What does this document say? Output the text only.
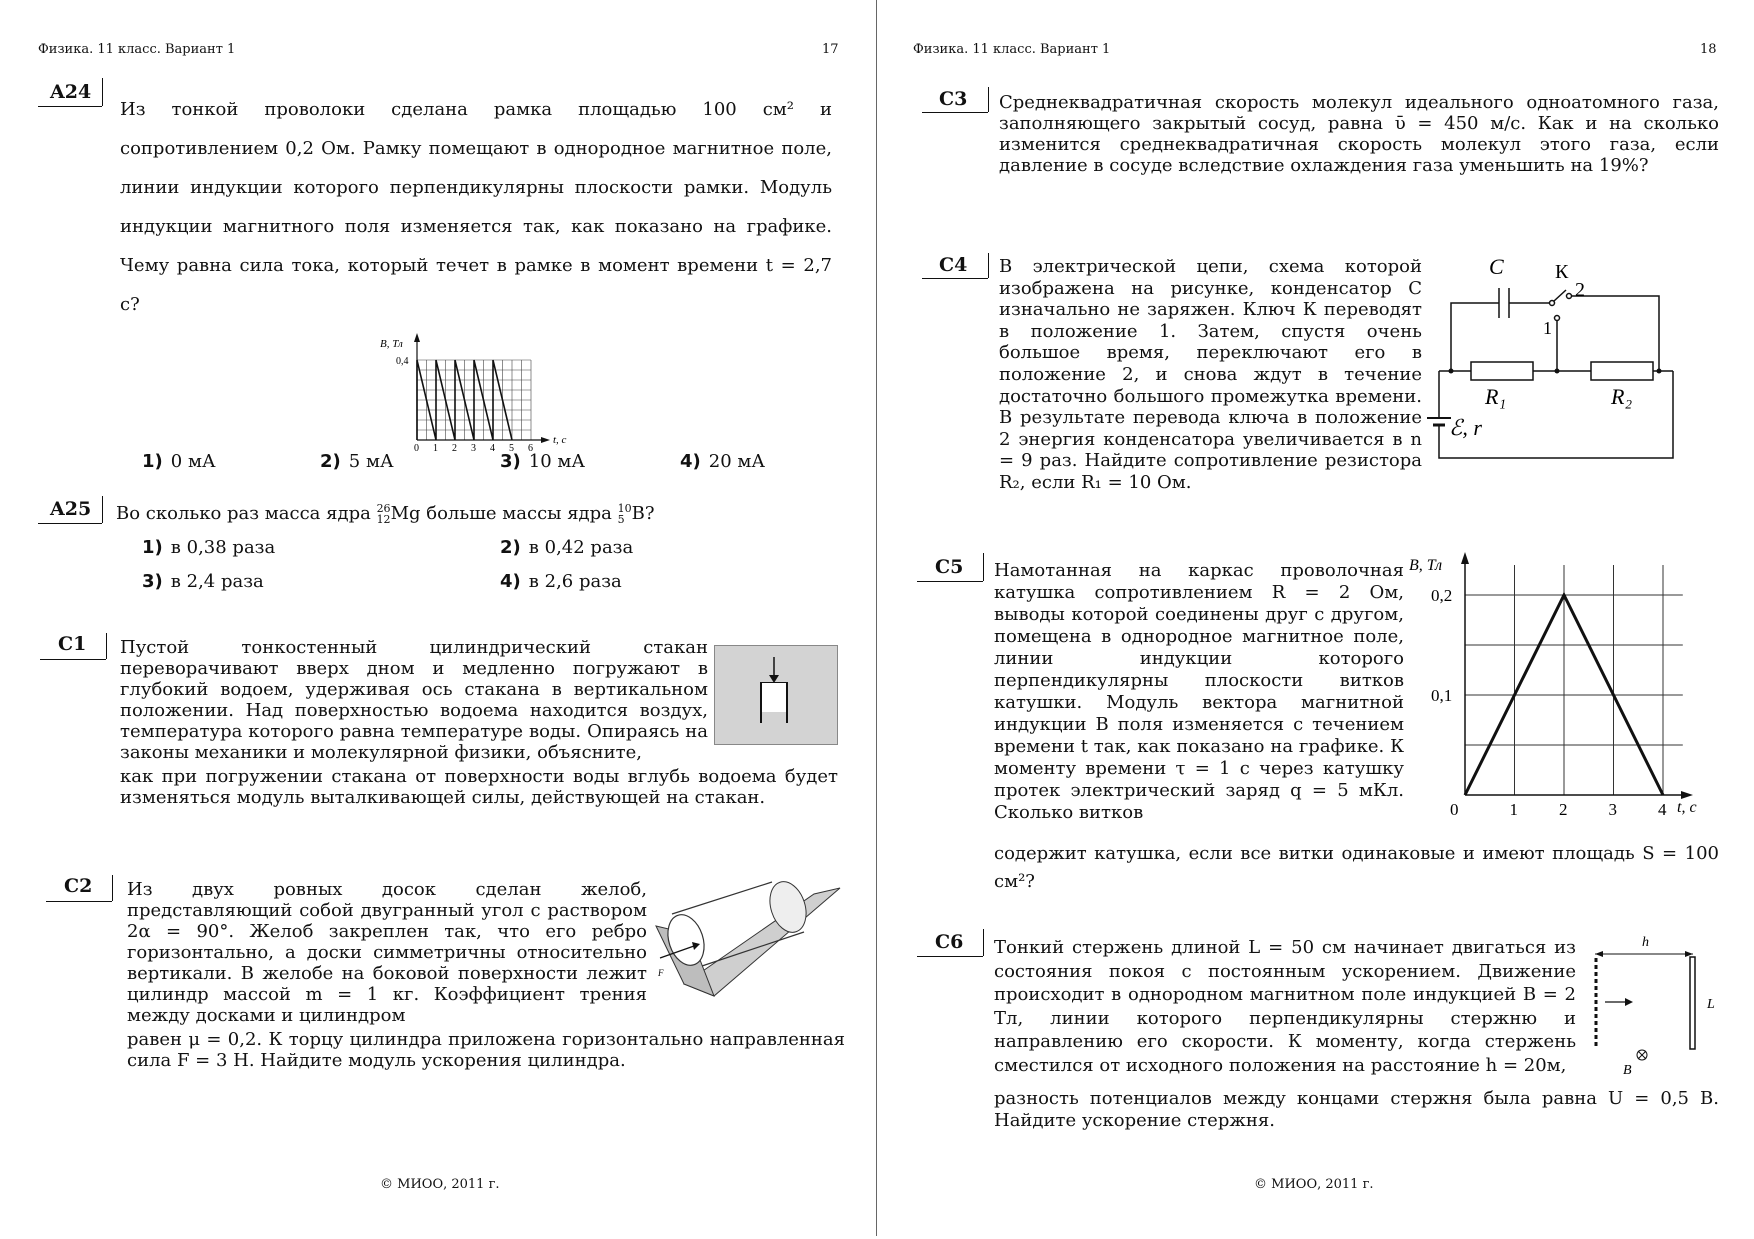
Физика. 11 класс. Вариант 1	17
A24
Из тонкой проволоки сделана рамка площадью 100 см² и сопротивлением 0,2 Ом. Рамку помещают в однородное магнитное поле, линии индукции которого перпендикулярны плоскости рамки. Модуль индукции магнитного поля изменяется так, как показано на графике. Чему равна сила тока, который течет в рамке в момент времени t = 2,7 с?
B, Тл
t, с
0 1 2 3 4 5 6
0,4
1) 0 мА	2) 5 мА	3) 10 мА	4) 20 мА
A25 Во сколько раз масса ядра 26
12Mg больше массы ядра 10
5 B?
1) в 0,38 раза	2) в 0,42 раза
3) в 2,4 раза	4) в 2,6 раза
C1 Пустой тонкостенный цилиндрический стакан переворачивают вверх дном и медленно погружают в глубокий водоем, удерживая ось стакана в вертикальном положении. Над поверхностью водоема находится воздух, температура которого равна температуре воды. Опираясь на законы механики и молекулярной физики, объясните,
как при погружении стакана от поверхности воды вглубь водоема будет изменяться модуль выталкивающей силы, действующей на стакан.
C2 Из двух ровных досок сделан желоб, представляющий собой двугранный угол с раствором 2α = 90°. Желоб закреплен так, что его ребро горизонтально, а доски симметричны относительно вертикали. В желобе на боковой поверхности лежит цилиндр массой m = 1 кг. Коэффициент трения между досками и цилиндром
равен μ = 0,2. К торцу цилиндра приложена горизонтально направленная сила F = 3 Н. Найдите модуль ускорения цилиндра.
F
© МИОО, 2011 г.
Физика. 11 класс. Вариант 1	18
C3 Среднеквадратичная скорость молекул идеального одноатомного газа, заполняющего закрытый сосуд, равна ῡ = 450 м/с. Как и на сколько изменится среднеквадратичная скорость молекул этого газа, если давление в сосуде вследствие охлаждения газа уменьшить на 19%?
C4 В электрической цепи, схема которой изображена на рисунке, конденсатор С изначально не заряжен. Ключ К переводят в положение 1. Затем, спустя очень большое время, переключают его в положение 2, и снова ждут в течение достаточно большого промежутка времени. В результате перевода ключа в положение 2 энергия конденсатора увеличивается в n = 9 раз. Найдите сопротивление резистора R₂, если R₁ = 10 Ом.
C	К
2
1
R₁	R₂
ℰ, r
C5 Намотанная на каркас проволочная катушка сопротивлением R = 2 Ом, выводы которой соединены друг с другом, помещена в однородное магнитное поле, линии индукции которого перпендикулярны плоскости витков катушки. Модуль вектора магнитной индукции B поля изменяется с течением времени t так, как показано на графике. К моменту времени τ = 1 с через катушку протек электрический заряд q = 5 мКл. Сколько витков
содержит катушка, если все витки одинаковые и имеют площадь S = 100 см²?
B, Тл
t, с
0	1 2 3 4
0,1
0,2
C6 Тонкий стержень длиной L = 50 см начинает двигаться из состояния покоя с постоянным ускорением. Движение происходит в однородном магнитном поле индукцией B = 2 Тл, линии которого перпендикулярны стержню и направлению его скорости. К моменту, когда стержень сместился от исходного положения на расстояние h = 20м,
разность потенциалов между концами стержня была равна U = 0,5 В. Найдите ускорение стержня.
h
L
B⃗
© МИОО, 2011 г.
